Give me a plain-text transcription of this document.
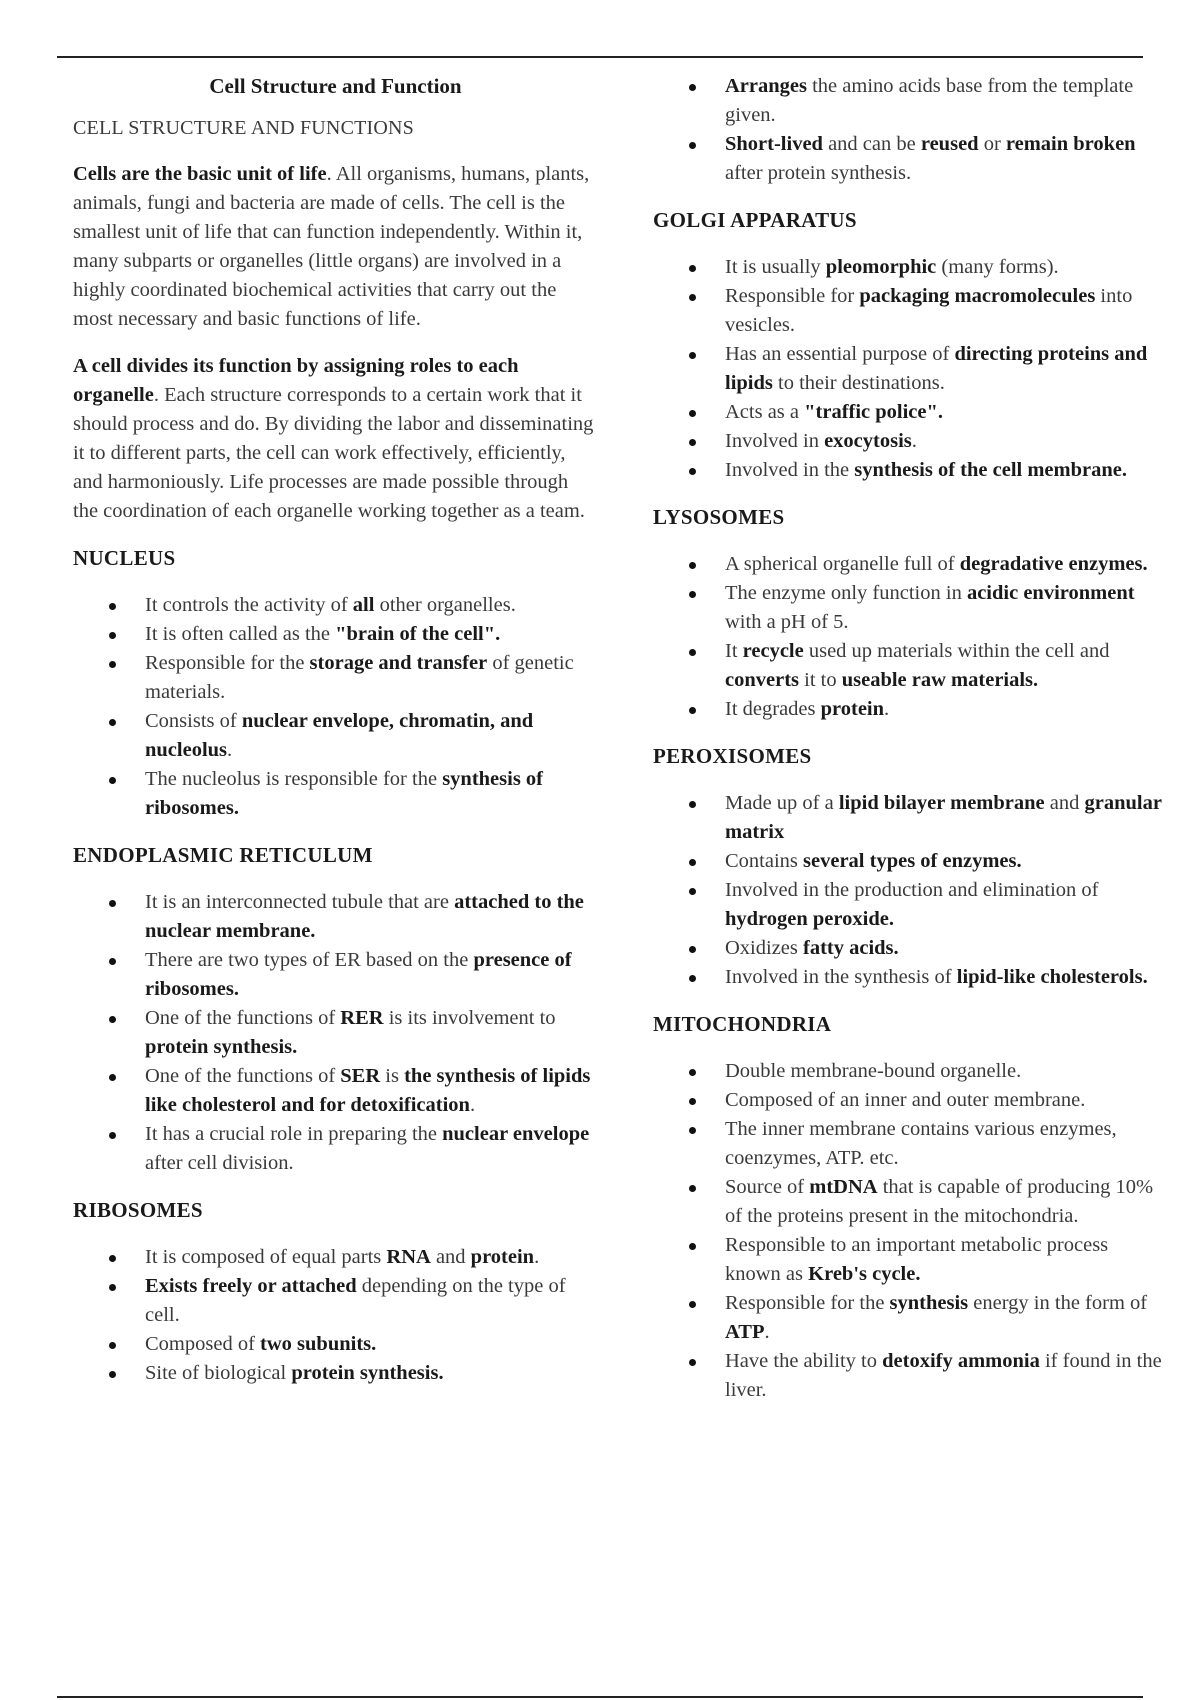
Cell Structure and Function
CELL STRUCTURE AND FUNCTIONS

Cells are the basic unit of life. All organisms, humans, plants, animals, fungi and bacteria are made of cells. The cell is the smallest unit of life that can function independently. Within it, many subparts or organelles (little organs) are involved in a highly coordinated biochemical activities that carry out the most necessary and basic functions of life.

A cell divides its function by assigning roles to each organelle. Each structure corresponds to a certain work that it should process and do. By dividing the labor and disseminating it to different parts, the cell can work effectively, efficiently, and harmoniously. Life processes are made possible through the coordination of each organelle working together as a team.

NUCLEUS
It controls the activity of all other organelles.
It is often called as the "brain of the cell".
Responsible for the storage and transfer of genetic materials.
Consists of nuclear envelope, chromatin, and nucleolus.
The nucleolus is responsible for the synthesis of ribosomes.
ENDOPLASMIC RETICULUM
It is an interconnected tubule that are attached to the nuclear membrane.
There are two types of ER based on the presence of ribosomes.
One of the functions of RER is its involvement to protein synthesis.
One of the functions of SER is the synthesis of lipids like cholesterol and for detoxification.
It has a crucial role in preparing the nuclear envelope after cell division.
RIBOSOMES
It is composed of equal parts RNA and protein.
Exists freely or attached depending on the type of cell.
Composed of two subunits.
Site of biological protein synthesis.
Arranges the amino acids base from the template given.
Short-lived and can be reused or remain broken after protein synthesis.
GOLGI APPARATUS
It is usually pleomorphic (many forms).
Responsible for packaging macromolecules into vesicles.
Has an essential purpose of directing proteins and lipids to their destinations.
Acts as a "traffic police".
Involved in exocytosis.
Involved in the synthesis of the cell membrane.
LYSOSOMES
A spherical organelle full of degradative enzymes.
The enzyme only function in acidic environment with a pH of 5.
It recycle used up materials within the cell and converts it to useable raw materials.
It degrades protein.
PEROXISOMES
Made up of a lipid bilayer membrane and granular matrix
Contains several types of enzymes.
Involved in the production and elimination of hydrogen peroxide.
Oxidizes fatty acids.
Involved in the synthesis of lipid-like cholesterols.
MITOCHONDRIA
Double membrane-bound organelle.
Composed of an inner and outer membrane.
The inner membrane contains various enzymes, coenzymes, ATP. etc.
Source of mtDNA that is capable of producing 10% of the proteins present in the mitochondria.
Responsible to an important metabolic process known as Kreb's cycle.
Responsible for the synthesis energy in the form of ATP.
Have the ability to detoxify ammonia if found in the liver.
